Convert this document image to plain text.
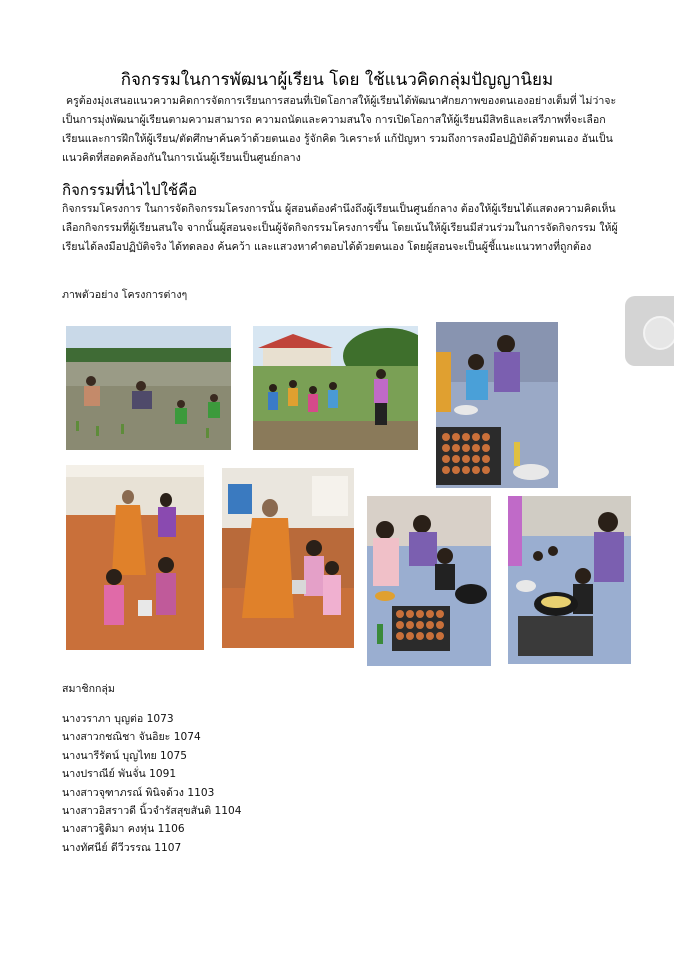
กิจกรรมในการพัฒนาผู้เรียน โดย ใช้แนวคิดกลุ่มปัญญานิยม
ครูต้องมุ่งเสนอแนวความคิดการจัดการเรียนการสอนที่เปิดโอกาสให้ผู้เรียนได้พัฒนาศักยภาพของตนเองอย่างเต็มที่ ไม่ว่าจะเป็นการมุ่งพัฒนาผู้เรียนตามความสามารถ ความถนัดและความสนใจ การเปิดโอกาสให้ผู้เรียนมีสิทธิและเสรีภาพที่จะเลือกเรียนและการฝึกให้ผู้เรียน/ตัดศึกษาค้นคว้าด้วยตนเอง รู้จักคิด วิเคราะห์ แก้ปัญหา รวมถึงการลงมือปฏิบัติด้วยตนเอง อันเป็นแนวคิดที่สอดคล้องกันในการเน้นผู้เรียนเป็นศูนย์กลาง
กิจกรรมที่นำไปใช้คือ
กิจกรรมโครงการ ในการจัดกิจกรรมโครงการนั้น ผู้สอนต้องคำนึงถึงผู้เรียนเป็นศูนย์กลาง ต้องให้ผู้เรียนได้แสดงความคิดเห็น เลือกกิจกรรมที่ผู้เรียนสนใจ จากนั้นผู้สอนจะเป็นผู้จัดกิจกรรมโครงการขึ้น โดยเน้นให้ผู้เรียนมีส่วนร่วมในการจัดกิจกรรม ให้ผู้เรียนได้ลงมือปฏิบัติจริง ได้ทดลอง ค้นคว้า และแสวงหาคำตอบได้ด้วยตนเอง โดยผู้สอนจะเป็นผู้ชี้แนะแนวทางที่ถูกต้อง
ภาพตัวอย่าง โครงการต่างๆ
สมาชิกกลุ่ม
นางวราภา บุญต่อ 1073
นางสาวกชณิชา จันอิยะ 1074
นางนารีรัตน์ บุญไทย 1075
นางปราณีย์ พันจั่น 1091
นางสาวจุฑาภรณ์ พินิจด้วง 1103
นางสาวอิสราวดี นิ้วจำรัสสุขสันติ 1104
นางสาวฐิติมา คงหุ่น 1106
นางทัศนีย์ ดีวีวรรณ 1107
